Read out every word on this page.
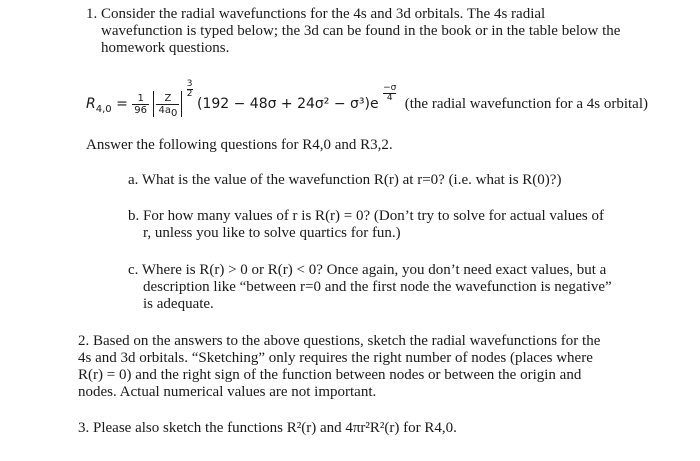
1. Consider the radial wavefunctions for the 4s and 3d orbitals. The 4s radial
wavefunction is typed below; the 3d can be found in the book or in the table below the
homework questions.
$R_{4,0} = \frac{1}{96}$
$\frac{Z}{4a_0}$

$\frac{3}{2}$
(192 − 48σ + 24σ² − σ³)e
$\frac{-\sigma}{4}$
(the radial wavefunction for a 4s orbital)
Answer the following questions for R4,0 and R3,2.
a. What is the value of the wavefunction R(r) at r=0? (i.e. what is R(0)?)
b. For how many values of r is R(r) = 0? (Don’t try to solve for actual values of
r, unless you like to solve quartics for fun.)
c. Where is R(r) > 0 or R(r) < 0? Once again, you don’t need exact values, but a
description like “between r=0 and the first node the wavefunction is negative”
is adequate.
2. Based on the answers to the above questions, sketch the radial wavefunctions for the
4s and 3d orbitals. “Sketching” only requires the right number of nodes (places where
R(r) = 0) and the right sign of the function between nodes or between the origin and
nodes. Actual numerical values are not important.
3. Please also sketch the functions R²(r) and 4πr²R²(r) for R4,0.
